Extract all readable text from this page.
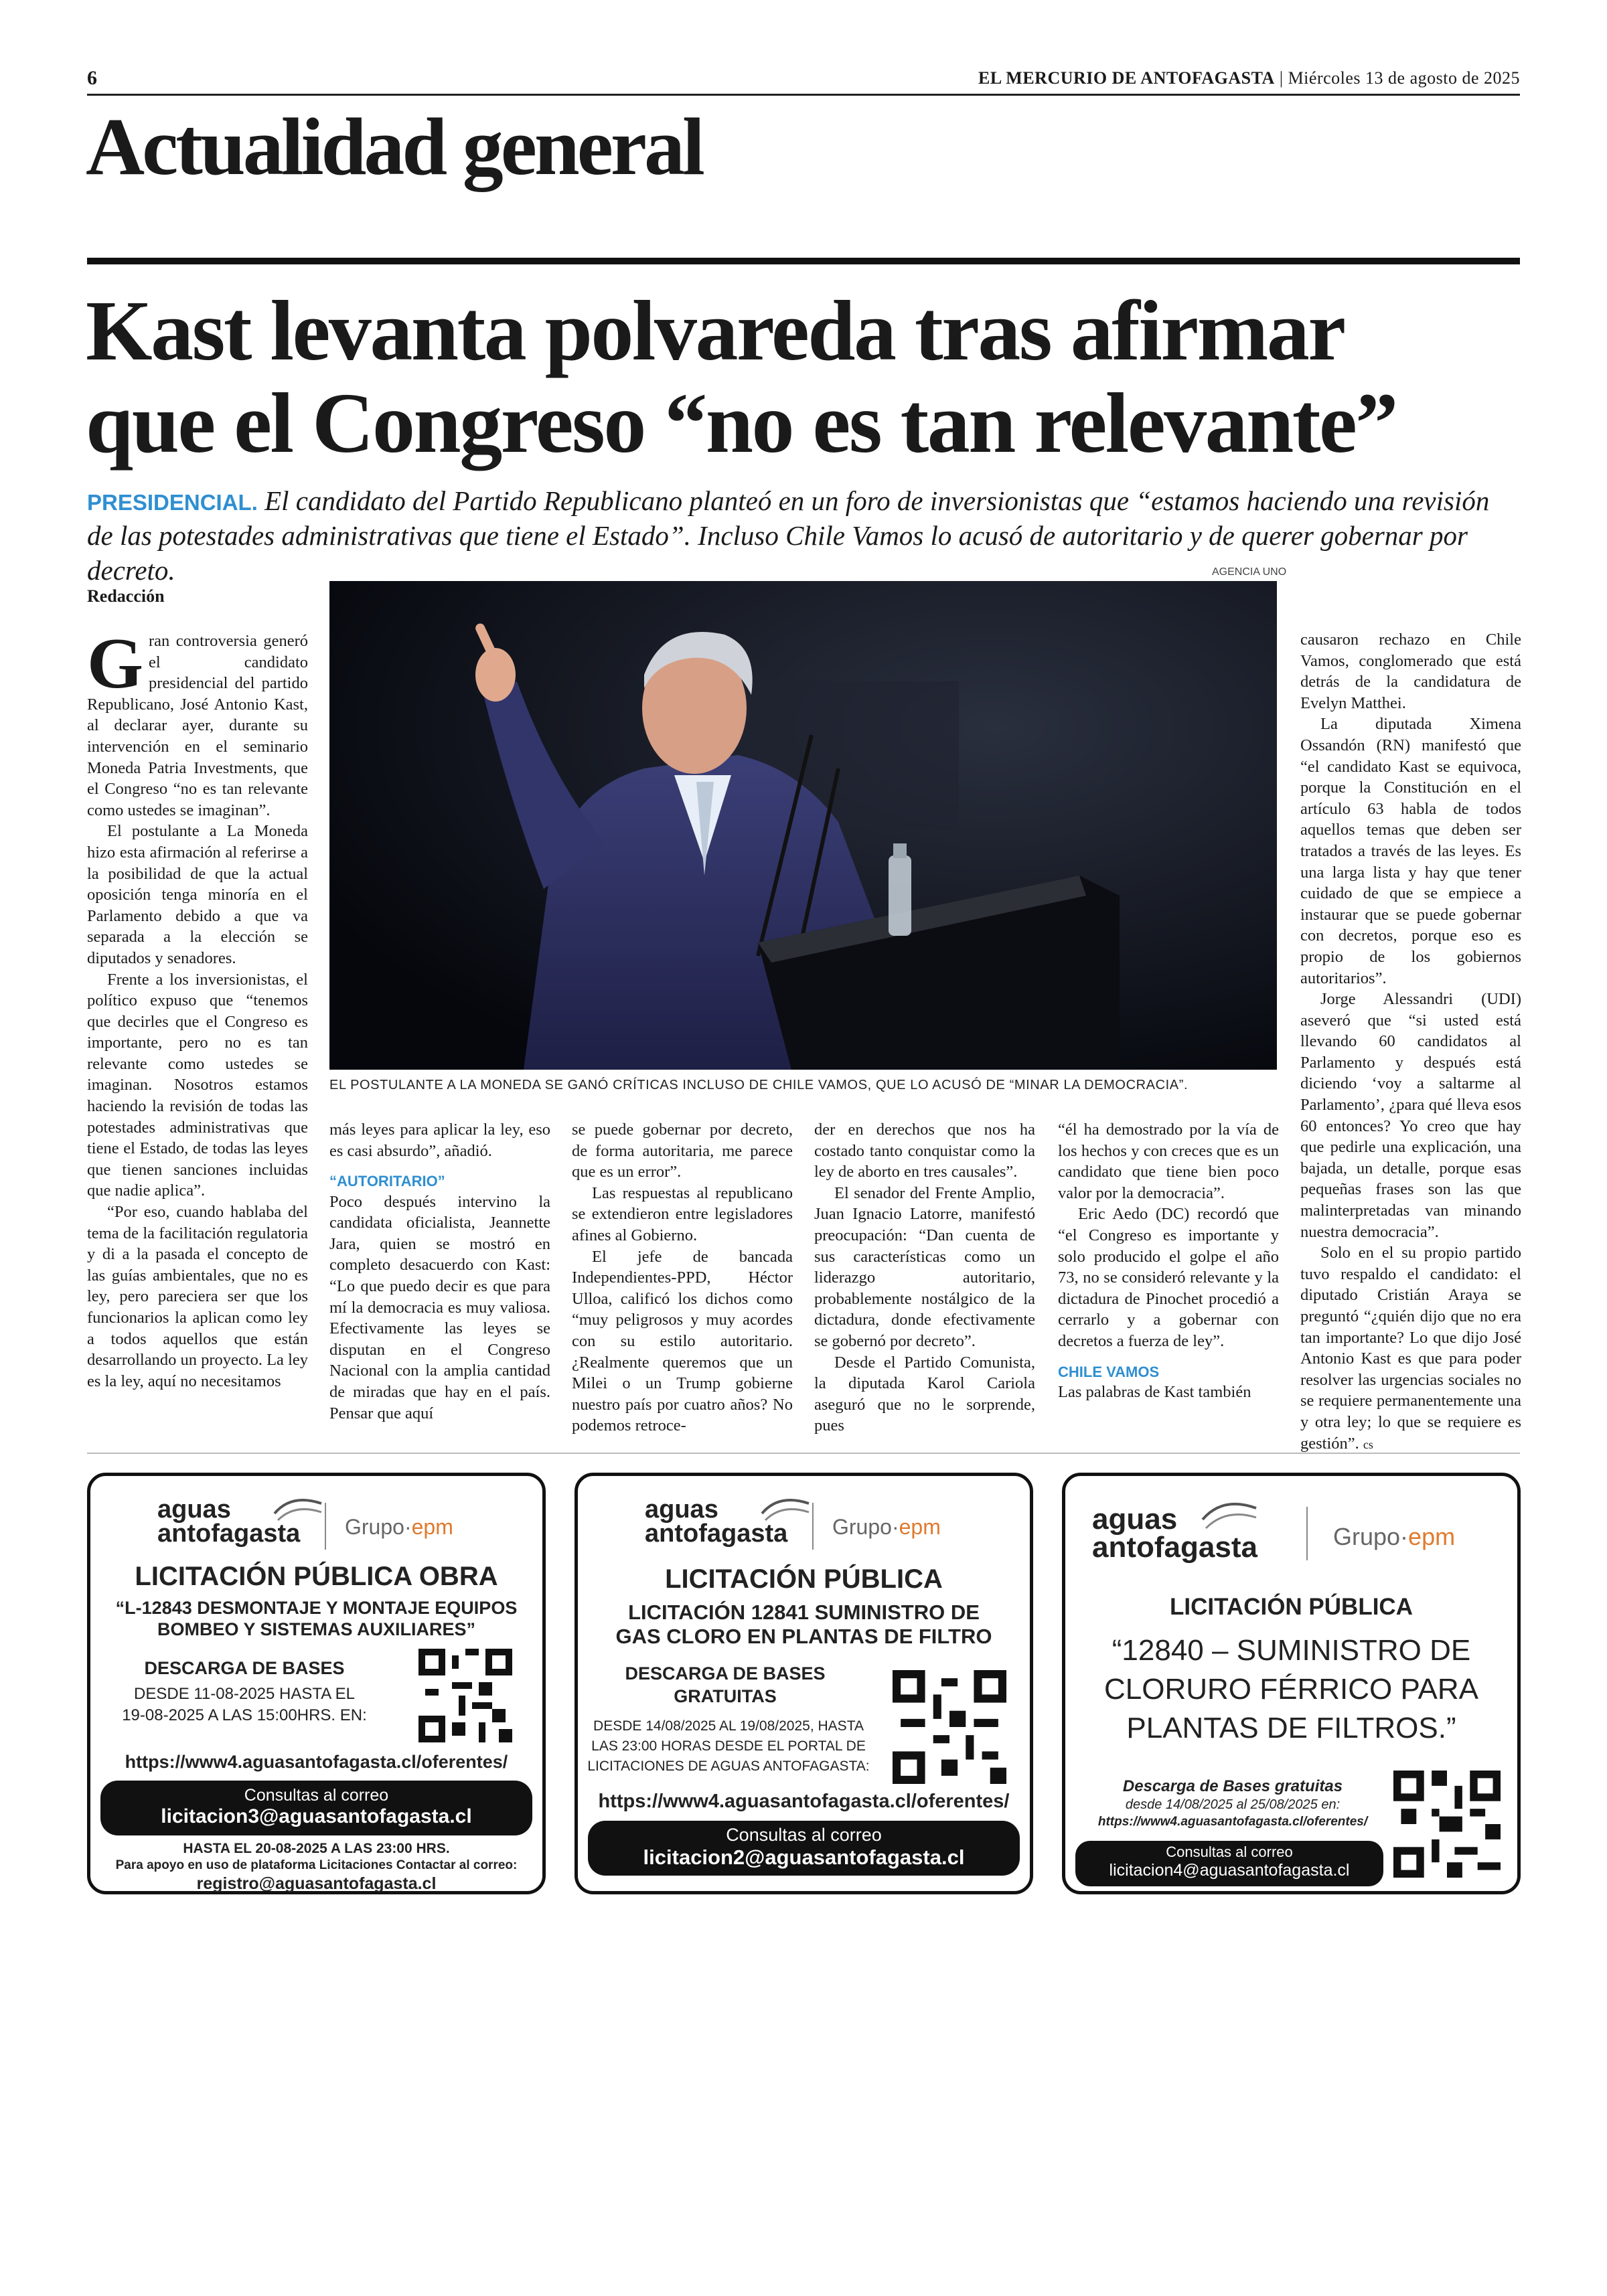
6	EL MERCURIO DE ANTOFAGASTA | Miércoles 13 de agosto de 2025
Actualidad general
Kast levanta polvareda tras afirmar
que el Congreso “no es tan relevante”
PRESIDENCIAL. El candidato del Partido Republicano planteó en un foro de inversionistas que “estamos haciendo una revisión de las potestades administrativas que tiene el Estado”. Incluso Chile Vamos lo acusó de autoritario y de querer gobernar por decreto.
Redacción
AGENCIA UNO
EL POSTULANTE A LA MONEDA SE GANÓ CRÍTICAS INCLUSO DE CHILE VAMOS, QUE LO ACUSÓ DE “MINAR LA DEMOCRACIA”.

Gran controversia generó el candidato presidencial del partido Republicano, José Antonio Kast, al declarar ayer, durante su intervención en el seminario Moneda Patria Investments, que el Congreso “no es tan relevante como ustedes se imaginan”.

El postulante a La Moneda hizo esta afirmación al referirse a la posibilidad de que la actual oposición tenga minoría en el Parlamento debido a que va separada a la elección se diputados y senadores.

Frente a los inversionistas, el político expuso que “tenemos que decirles que el Congreso es importante, pero no es tan relevante como ustedes se imaginan. Nosotros estamos haciendo la revisión de todas las potestades administrativas que tiene el Estado, de todas las leyes que tienen sanciones incluidas que nadie aplica”.

“Por eso, cuando hablaba del tema de la facilitación regulatoria y di a la pasada el concepto de las guías ambientales, que no es ley, pero pareciera ser que los funcionarios la aplican como ley a todos aquellos que están desarrollando un proyecto. La ley es la ley, aquí no necesitamos

más leyes para aplicar la ley, eso es casi absurdo”, añadió.

“AUTORITARIO”

Poco después intervino la candidata oficialista, Jeannette Jara, quien se mostró en completo desacuerdo con Kast: “Lo que puedo decir es que para mí la democracia es muy valiosa. Efectivamente las leyes se disputan en el Congreso Nacional con la amplia cantidad de miradas que hay en el país. Pensar que aquí

se puede gobernar por decreto, de forma autoritaria, me parece que es un error”.

Las respuestas al republicano se extendieron entre legisladores afines al Gobierno.

El jefe de bancada Independientes-PPD, Héctor Ulloa, calificó los dichos como “muy peligrosos y muy acordes con su estilo autoritario. ¿Realmente queremos que un Milei o un Trump gobierne nuestro país por cuatro años? No podemos retroce-

der en derechos que nos ha costado tanto conquistar como la ley de aborto en tres causales”.

El senador del Frente Amplio, Juan Ignacio Latorre, manifestó preocupación: “Dan cuenta de sus características como un liderazgo autoritario, probablemente nostálgico de la dictadura, donde efectivamente se gobernó por decreto”.

Desde el Partido Comunista, la diputada Karol Cariola aseguró que no le sorprende, pues

“él ha demostrado por la vía de los hechos y con creces que es un candidato que tiene bien poco valor por la democracia”.

Eric Aedo (DC) recordó que “el Congreso es importante y solo producido el golpe el año 73, no se consideró relevante y la dictadura de Pinochet procedió a cerrarlo y a gobernar con decretos a fuerza de ley”.

CHILE VAMOS

Las palabras de Kast también

causaron rechazo en Chile Vamos, conglomerado que está detrás de la candidatura de Evelyn Matthei.

La diputada Ximena Ossandón (RN) manifestó que “el candidato Kast se equivoca, porque la Constitución en el artículo 63 habla de todos aquellos temas que deben ser tratados a través de las leyes. Es una larga lista y hay que tener cuidado de que se empiece a instaurar que se puede gobernar con decretos, porque eso es propio de los gobiernos autoritarios”.

Jorge Alessandri (UDI) aseveró que “si usted está llevando 60 candidatos al Parlamento y después está diciendo ‘voy a saltarme al Parlamento’, ¿para qué lleva esos 60 entonces? Yo creo que hay que pedirle una explicación, una bajada, un detalle, porque esas pequeñas frases son las que malinterpretadas van minando nuestra democracia”.

Solo en el su propio partido tuvo respaldo el candidato: el diputado Cristián Araya se preguntó “¿quién dijo que no era tan importante? Lo que dijo José Antonio Kast es que para poder resolver las urgencias sociales no se requiere permanentemente una y otra ley; lo que se requiere es gestión”. cs

aguas
antofagasta Grupo·epm
LICITACIÓN PÚBLICA OBRA
“L-12843 DESMONTAJE Y MONTAJE EQUIPOS
BOMBEO Y SISTEMAS AUXILIARES”
DESCARGA DE BASES
DESDE 11-08-2025 HASTA EL
19-08-2025 A LAS 15:00HRS. EN:
https://www4.aguasantofagasta.cl/oferentes/
Consultas al correo
licitacion3@aguasantofagasta.cl
HASTA EL 20-08-2025 A LAS 23:00 HRS.
Para apoyo en uso de plataforma Licitaciones Contactar al correo:
registro@aguasantofagasta.cl
aguas
antofagasta Grupo·epm
LICITACIÓN PÚBLICA
LICITACIÓN 12841 SUMINISTRO DE
GAS CLORO EN PLANTAS DE FILTRO
DESCARGA DE BASES
GRATUITAS
DESDE 14/08/2025 AL 19/08/2025, HASTA
LAS 23:00 HORAS DESDE EL PORTAL DE
LICITACIONES DE AGUAS ANTOFAGASTA:
https://www4.aguasantofagasta.cl/oferentes/
Consultas al correo
licitacion2@aguasantofagasta.cl
aguas
antofagasta	Grupo·epm
LICITACIÓN PÚBLICA
“12840 – SUMINISTRO DE
CLORURO FÉRRICO PARA
PLANTAS DE FILTROS.”
Descarga de Bases gratuitas
desde 14/08/2025 al 25/08/2025 en:
https://www4.aguasantofagasta.cl/oferentes/
Consultas al correo
licitacion4@aguasantofagasta.cl
